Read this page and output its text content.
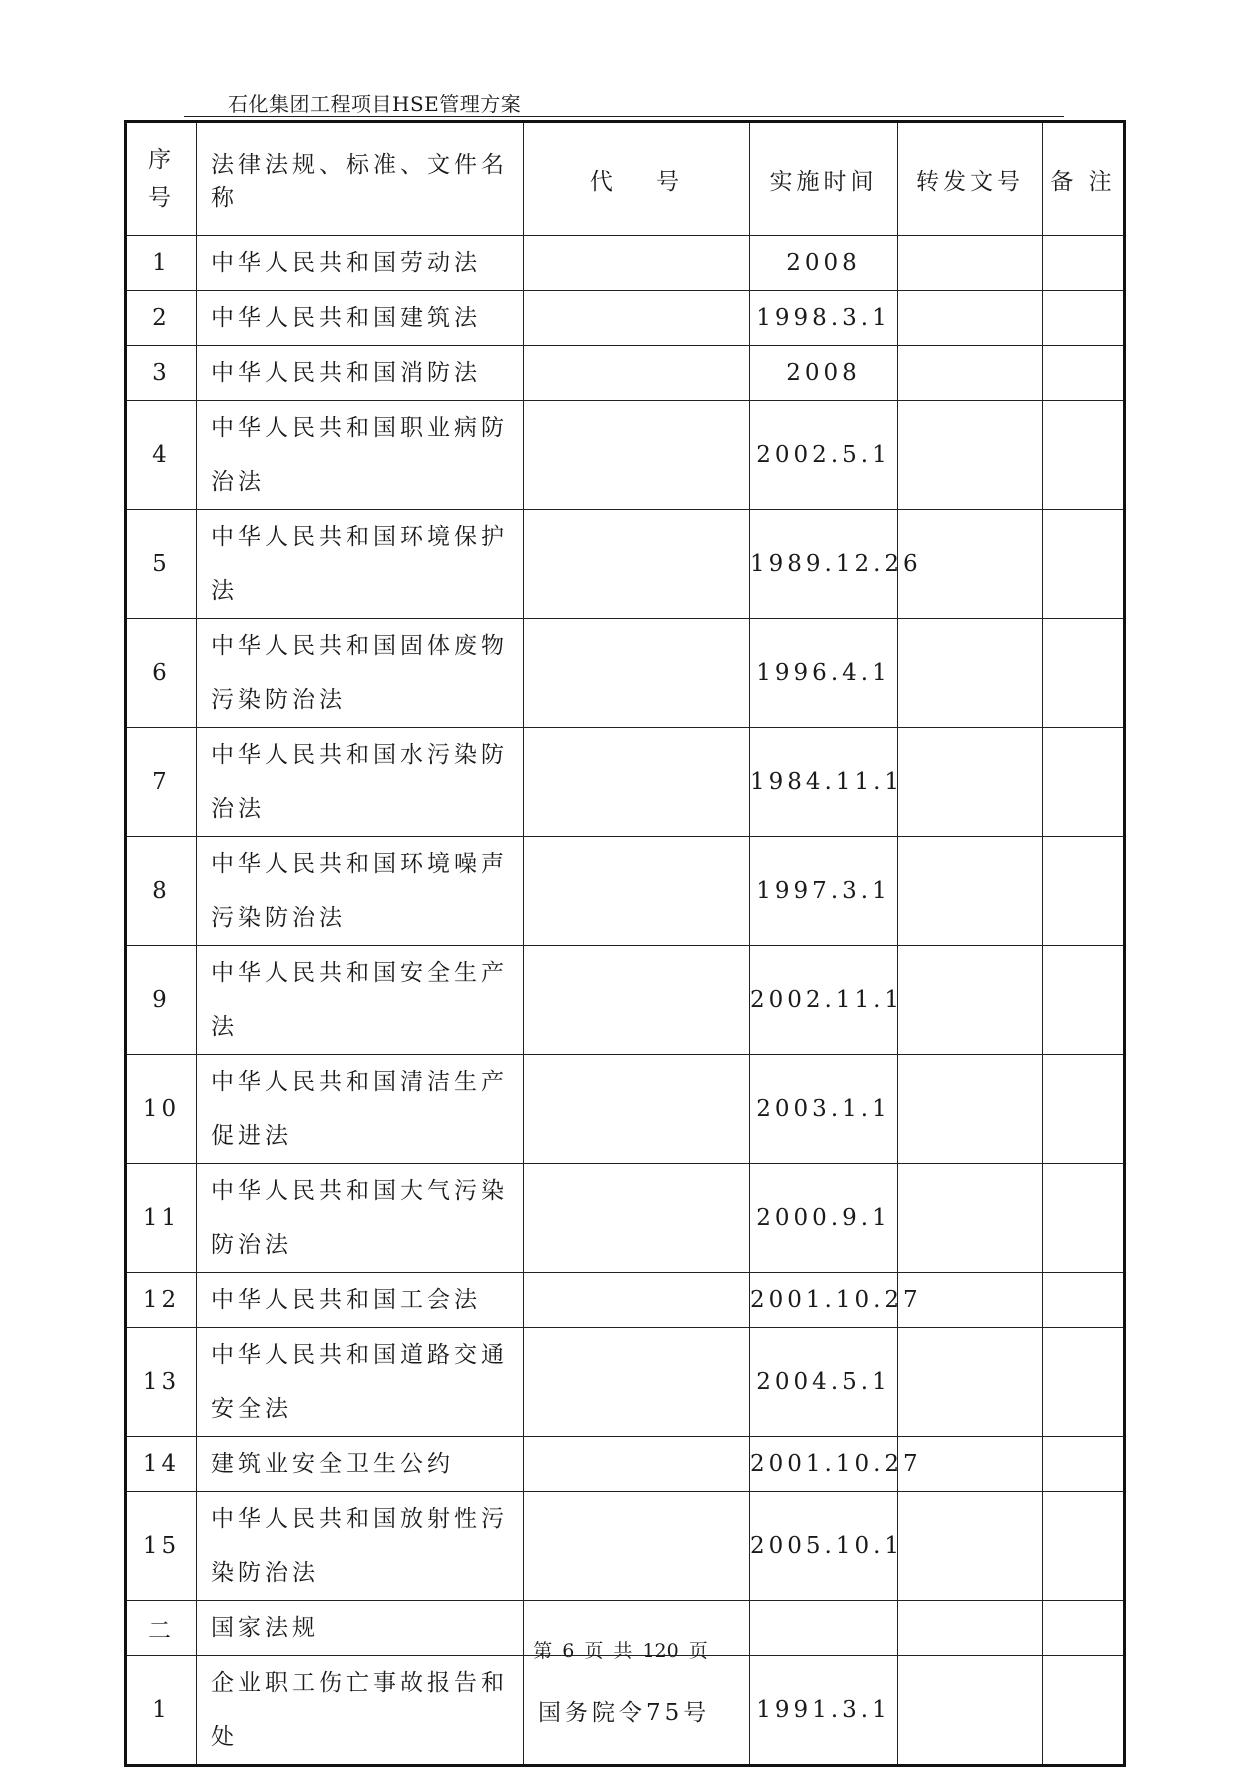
石化集团工程项目HSE管理方案
序
号	法律法规、标准、文件名称	代 号	实施时间	转发文号	备 注
1	中华人民共和国劳动法		2008		
2	中华人民共和国建筑法		1998.3.1		
3	中华人民共和国消防法		2008		
4	中华人民共和国职业病防治法		2002.5.1		
5	中华人民共和国环境保护法		1989.12.26		
6	中华人民共和国固体废物污染防治法		1996.4.1		
7	中华人民共和国水污染防治法		1984.11.1		
8	中华人民共和国环境噪声污染防治法		1997.3.1		
9	中华人民共和国安全生产法		2002.11.1		
10	中华人民共和国清洁生产促进法		2003.1.1		
11	中华人民共和国大气污染防治法		2000.9.1		
12	中华人民共和国工会法		2001.10.27		
13	中华人民共和国道路交通安全法		2004.5.1		
14	建筑业安全卫生公约		2001.10.27		
15	中华人民共和国放射性污染防治法		2005.10.1		
二	国家法规				
1	企业职工伤亡事故报告和处	国务院令75号	1991.3.1		
第 6 页 共 120 页
